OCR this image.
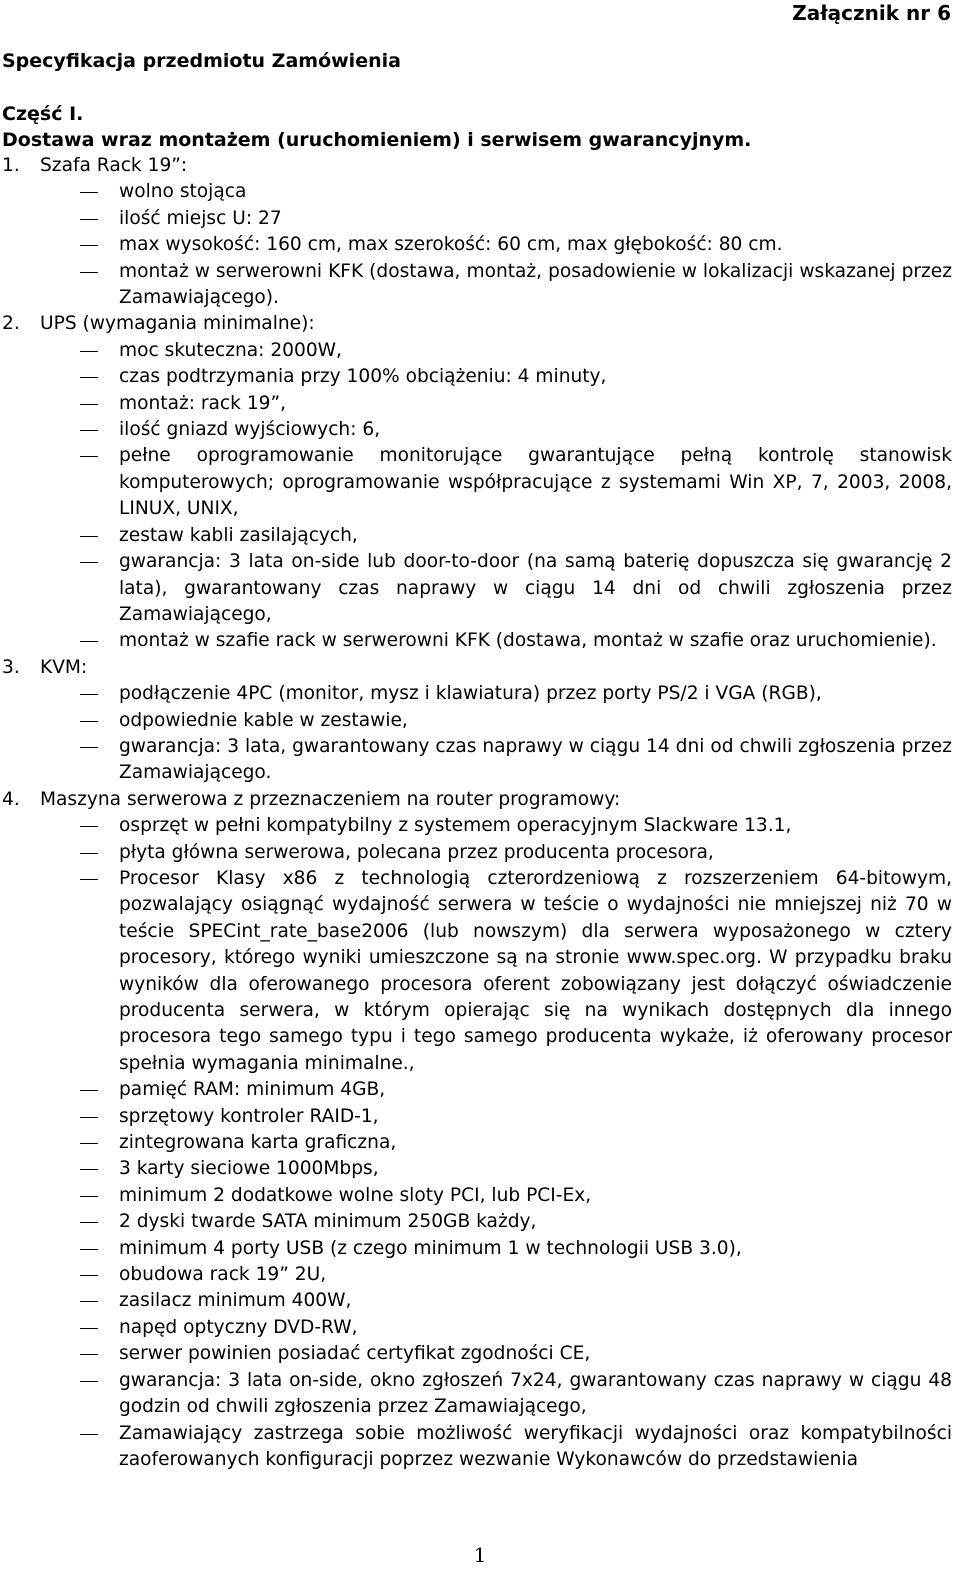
Załącznik nr 6
Specyfikacja przedmiotu Zamówienia
Część I.
Dostawa wraz montażem (uruchomieniem) i serwisem gwarancyjnym.
1. Szafa Rack 19”:
wolno stojąca
ilość miejsc U: 27
max wysokość: 160 cm, max szerokość: 60 cm, max głębokość: 80 cm.
montaż w serwerowni KFK (dostawa, montaż, posadowienie w lokalizacji wskazanej przez Zamawiającego).
2. UPS (wymagania minimalne):
moc skuteczna: 2000W,
czas podtrzymania przy 100% obciążeniu: 4 minuty,
montaż: rack 19”,
ilość gniazd wyjściowych: 6,
pełne oprogramowanie monitorujące gwarantujące pełną kontrolę stanowisk komputerowych; oprogramowanie współpracujące z systemami Win XP, 7, 2003, 2008, LINUX, UNIX,
zestaw kabli zasilających,
gwarancja: 3 lata on-side lub door-to-door (na samą baterię dopuszcza się gwarancję 2 lata), gwarantowany czas naprawy w ciągu 14 dni od chwili zgłoszenia przez Zamawiającego,
montaż w szafie rack w serwerowni KFK (dostawa, montaż w szafie oraz uruchomienie).
3. KVM:
podłączenie 4PC (monitor, mysz i klawiatura) przez porty PS/2 i VGA (RGB),
odpowiednie kable w zestawie,
gwarancja: 3 lata, gwarantowany czas naprawy w ciągu 14 dni od chwili zgłoszenia przez Zamawiającego.
4. Maszyna serwerowa z przeznaczeniem na router programowy:
osprzęt w pełni kompatybilny z systemem operacyjnym Slackware 13.1,
płyta główna serwerowa, polecana przez producenta procesora,
Procesor Klasy x86 z technologią czterordzeniową z rozszerzeniem 64-bitowym, pozwalający osiągnąć wydajność serwera w teście o wydajności nie mniejszej niż 70 w teście SPECint_rate_base2006 (lub nowszym) dla serwera wyposażonego w cztery procesory, którego wyniki umieszczone są na stronie www.spec.org. W przypadku braku wyników dla oferowanego procesora oferent zobowiązany jest dołączyć oświadczenie producenta serwera, w którym opierając się na wynikach dostępnych dla innego procesora tego samego typu i tego samego producenta wykaże, iż oferowany procesor spełnia wymagania minimalne.,
pamięć RAM: minimum 4GB,
sprzętowy kontroler RAID-1,
zintegrowana karta graficzna,
3 karty sieciowe 1000Mbps,
minimum 2 dodatkowe wolne sloty PCI, lub PCI-Ex,
2 dyski twarde SATA minimum 250GB każdy,
minimum 4 porty USB (z czego minimum 1 w technologii USB 3.0),
obudowa rack 19” 2U,
zasilacz minimum 400W,
napęd optyczny DVD-RW,
serwer powinien posiadać certyfikat zgodności CE,
gwarancja: 3 lata on-side, okno zgłoszeń 7x24, gwarantowany czas naprawy w ciągu 48 godzin od chwili zgłoszenia przez Zamawiającego,
Zamawiający zastrzega sobie możliwość weryfikacji wydajności oraz kompatybilności zaoferowanych konfiguracji poprzez wezwanie Wykonawców do przedstawienia
1
